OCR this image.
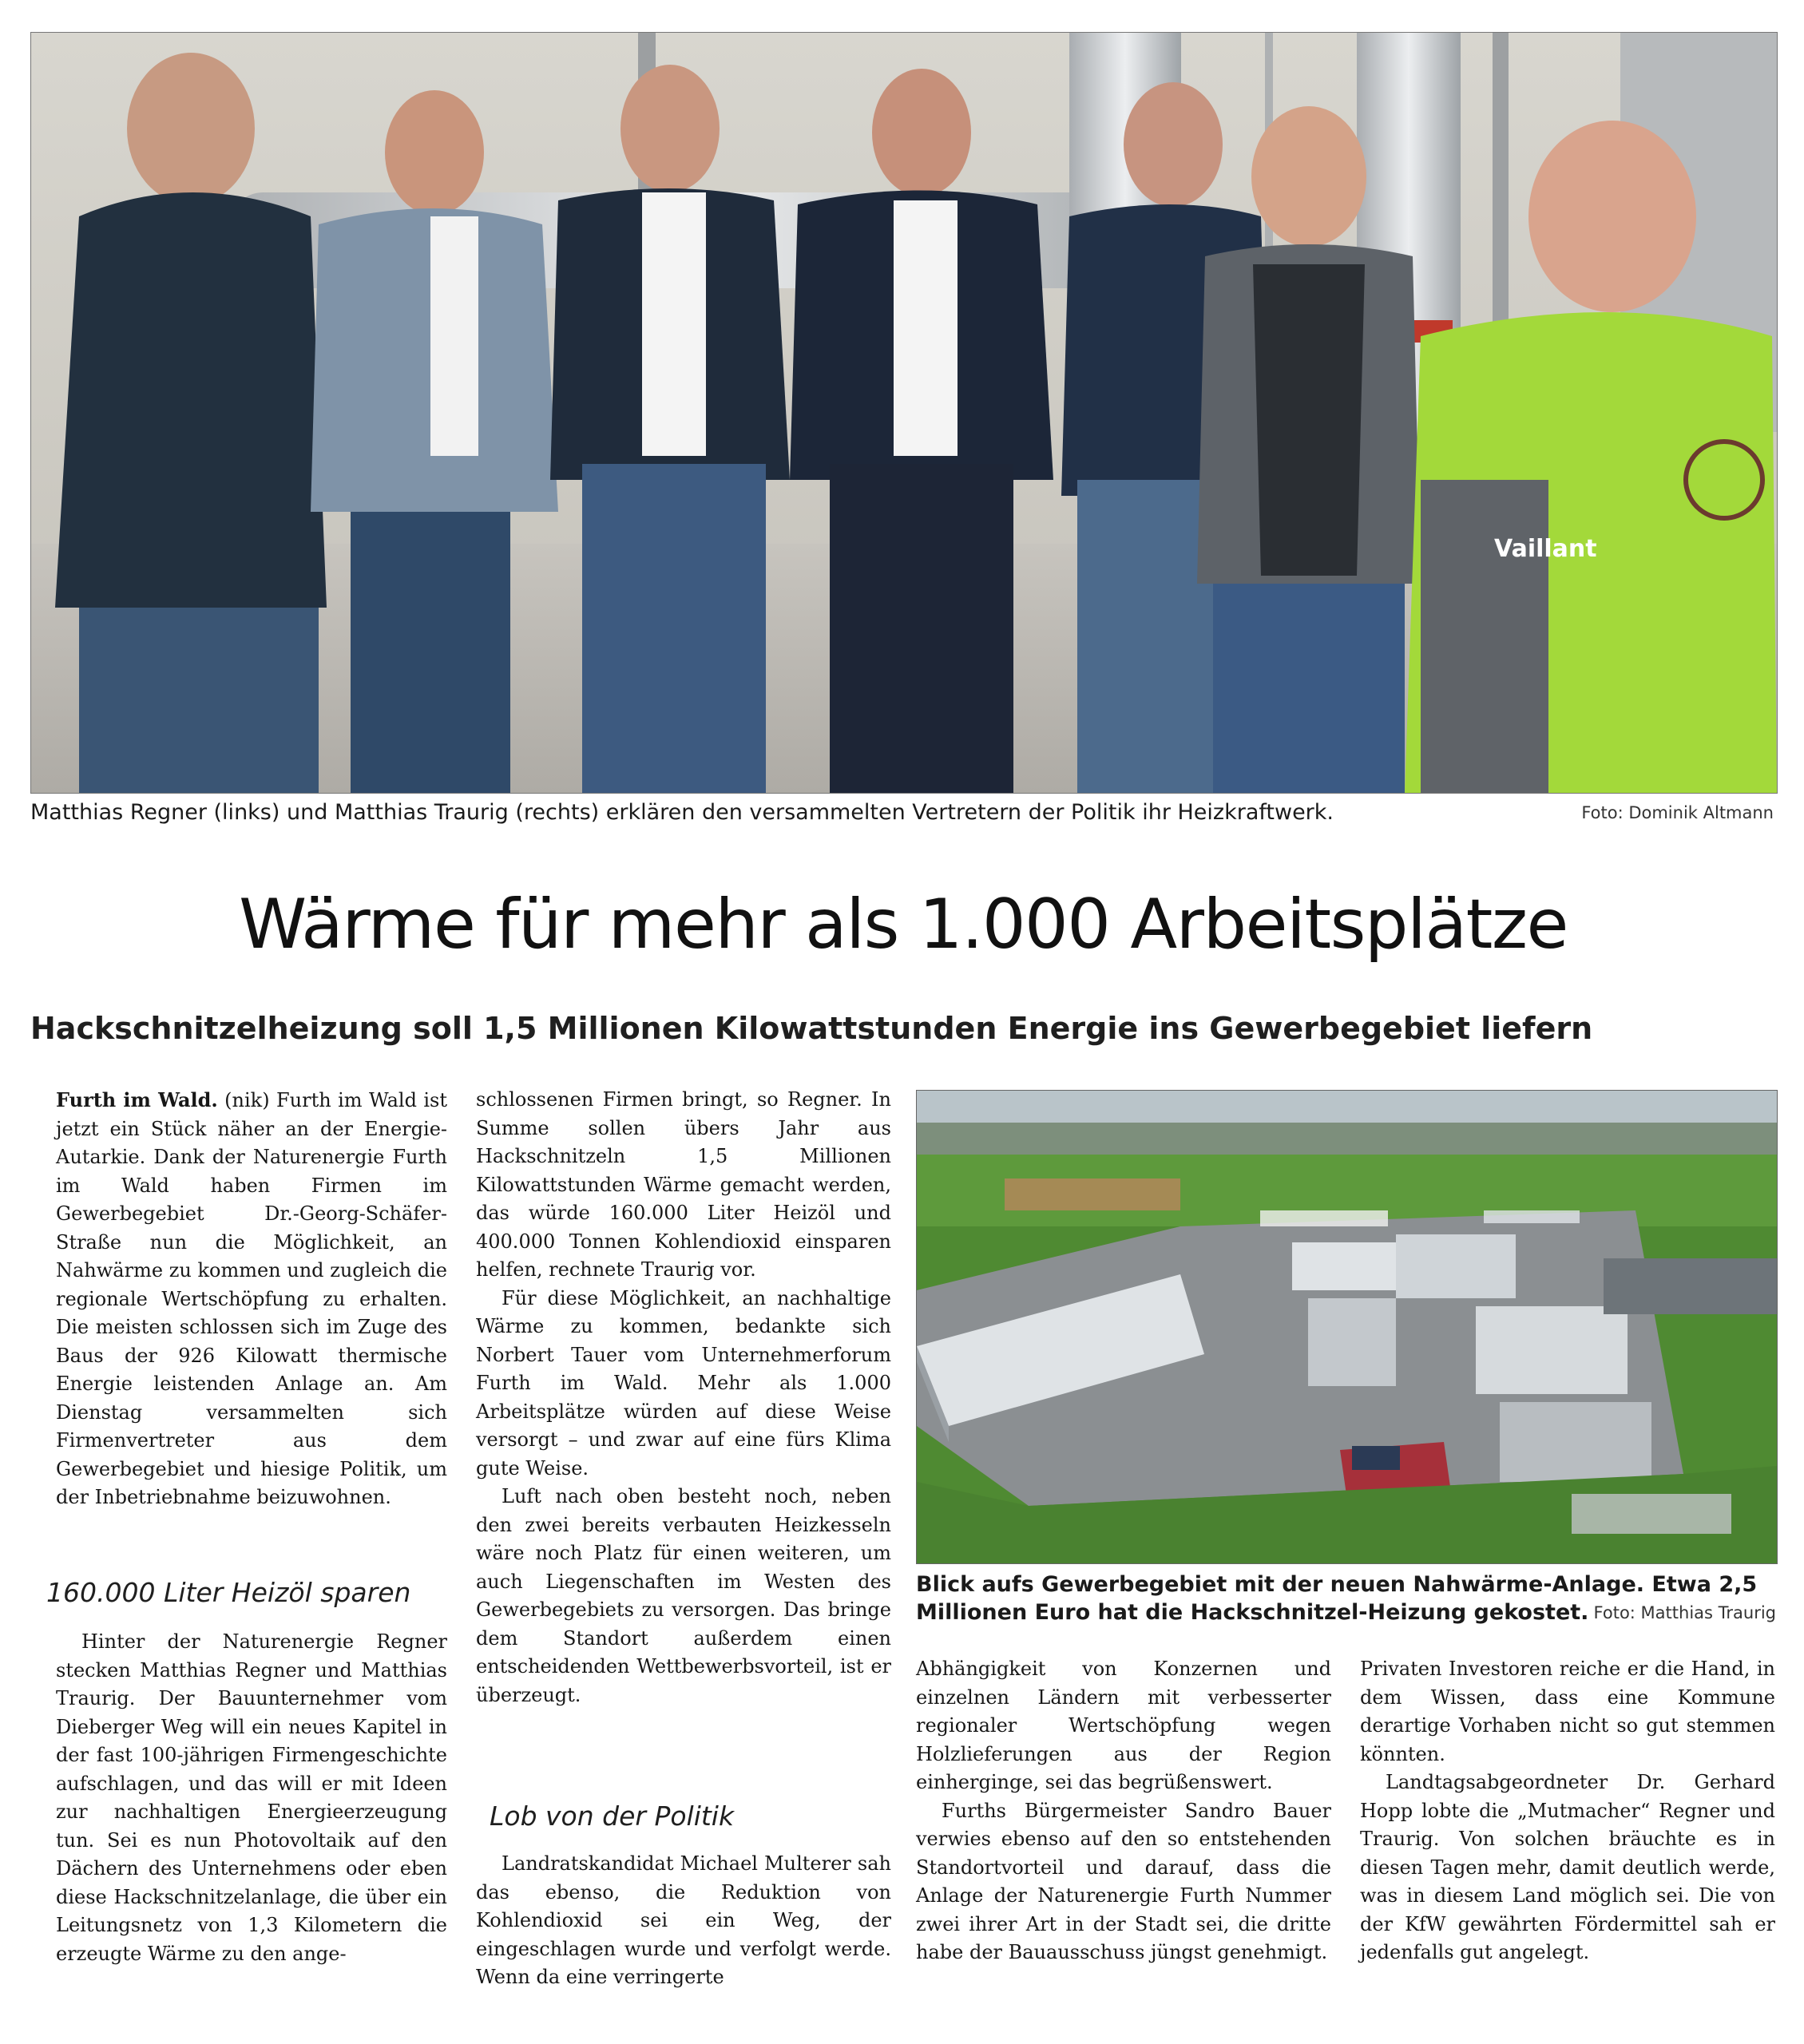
Vaillant
Matthias Regner (links) und Matthias Traurig (rechts) erklären den versammelten Vertretern der Politik ihr Heizkraftwerk.	Foto: Dominik Altmann
Wärme für mehr als 1.000 Arbeitsplätze
Hackschnitzelheizung soll 1,5 Millionen Kilowattstunden Energie ins Gewerbegebiet liefern

Furth im Wald. (nik) Furth im Wald ist jetzt ein Stück näher an der Energie-Autarkie. Dank der Naturenergie Furth im Wald haben Firmen im Gewerbegebiet Dr.-Georg-Schäfer-Straße nun die Möglichkeit, an Nahwärme zu kommen und zugleich die regionale Wertschöpfung zu erhalten. Die meisten schlossen sich im Zuge des Baus der 926 Kilowatt thermische Energie leistenden Anlage an. Am Dienstag versammelten sich Firmenvertreter aus dem Gewerbegebiet und hiesige Politik, um der Inbetriebnahme beizuwohnen.

160.000 Liter Heizöl sparen

Hinter der Naturenergie Regner stecken Matthias Regner und Matthias Traurig. Der Bauunternehmer vom Dieberger Weg will ein neues Kapitel in der fast 100-jährigen Firmengeschichte aufschlagen, und das will er mit Ideen zur nachhaltigen Energieerzeugung tun. Sei es nun Photovoltaik auf den Dächern des Unternehmens oder eben diese Hackschnitzelanlage, die über ein Leitungsnetz von 1,3 Kilometern die erzeugte Wärme zu den ange-

schlossenen Firmen bringt, so Regner. In Summe sollen übers Jahr aus Hackschnitzeln 1,5 Millionen Kilowattstunden Wärme gemacht werden, das würde 160.000 Liter Heizöl und 400.000 Tonnen Kohlendioxid einsparen helfen, rechnete Traurig vor.

Für diese Möglichkeit, an nachhaltige Wärme zu kommen, bedankte sich Norbert Tauer vom Unternehmerforum Furth im Wald. Mehr als 1.000 Arbeitsplätze würden auf diese Weise versorgt – und zwar auf eine fürs Klima gute Weise.

Luft nach oben besteht noch, neben den zwei bereits verbauten Heizkesseln wäre noch Platz für einen weiteren, um auch Liegenschaften im Westen des Gewerbegebiets zu versorgen. Das bringe dem Standort außerdem einen entscheidenden Wettbewerbsvorteil, ist er überzeugt.

Lob von der Politik

Landratskandidat Michael Multerer sah das ebenso, die Reduktion von Kohlendioxid sei ein Weg, der eingeschlagen wurde und verfolgt werde. Wenn da eine verringerte

Blick aufs Gewerbegebiet mit der neuen Nahwärme-Anlage. Etwa 2,5 Millionen Euro hat die Hackschnitzel-Heizung gekostet. Foto: Matthias Traurig

Abhängigkeit von Konzernen und einzelnen Ländern mit verbesserter regionaler Wertschöpfung wegen Holzlieferungen aus der Region einherginge, sei das begrüßenswert.

Furths Bürgermeister Sandro Bauer verwies ebenso auf den so entstehenden Standortvorteil und darauf, dass die Anlage der Naturenergie Furth Nummer zwei ihrer Art in der Stadt sei, die dritte habe der Bauausschuss jüngst genehmigt.

Privaten Investoren reiche er die Hand, in dem Wissen, dass eine Kommune derartige Vorhaben nicht so gut stemmen könnten.

Landtagsabgeordneter Dr. Gerhard Hopp lobte die „Mutmacher“ Regner und Traurig. Von solchen bräuchte es in diesen Tagen mehr, damit deutlich werde, was in diesem Land möglich sei. Die von der KfW gewährten Fördermittel sah er jedenfalls gut angelegt.
